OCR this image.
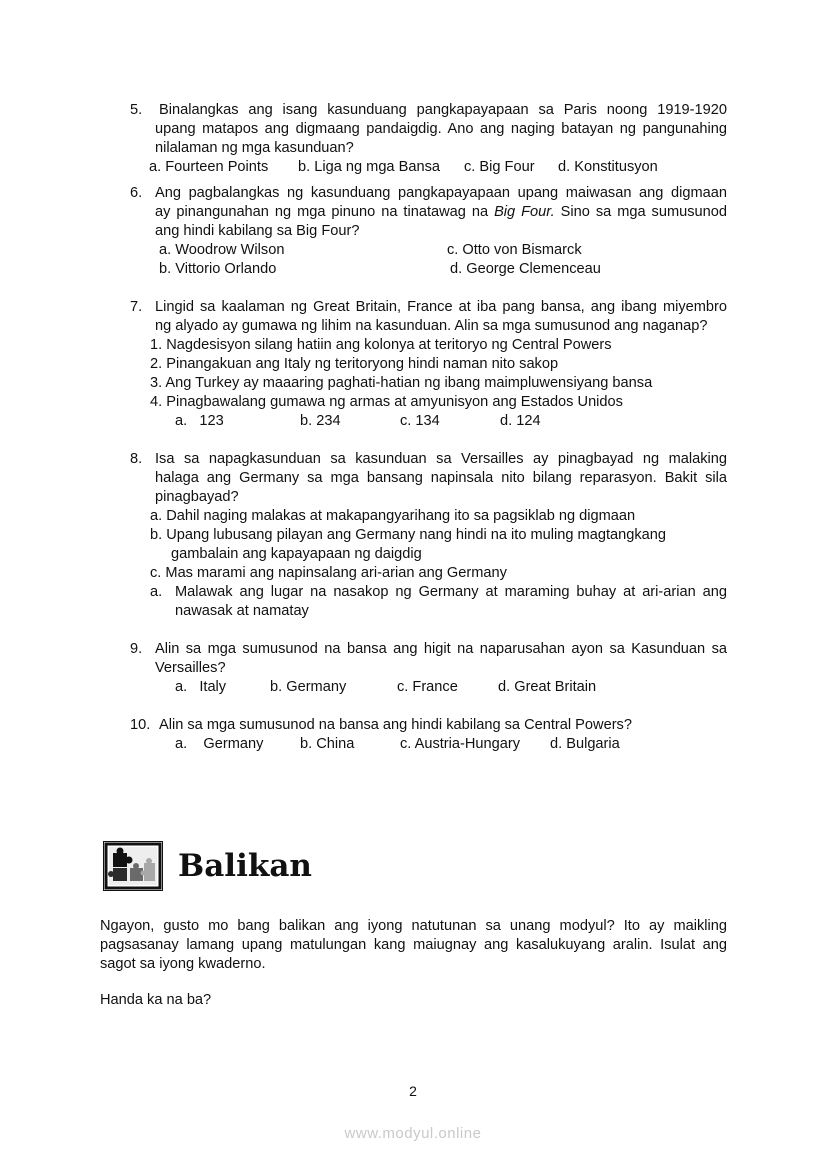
5. Binalangkas ang isang kasunduang pangkapayapaan sa Paris noong 1919-1920
upang matapos ang digmaang pandaigdig. Ano ang naging batayan ng pangunahing
nilalaman ng mga kasunduan?
a. Fourteen Points b. Liga ng mga Bansa c. Big Four d. Konstitusyon
6. Ang pagbalangkas ng kasunduang pangkapayapaan upang maiwasan ang digmaan
ay pinangunahan ng mga pinuno na tinatawag na Big Four. Sino sa mga sumusunod
ang hindi kabilang sa Big Four?
a. Woodrow Wilson	c. Otto von Bismarck
b. Vittorio Orlando	d. George Clemenceau
7. Lingid sa kaalaman ng Great Britain, France at iba pang bansa, ang ibang miyembro
ng alyado ay gumawa ng lihim na kasunduan. Alin sa mga sumusunod ang naganap?
1. Nagdesisyon silang hatiin ang kolonya at teritoryo ng Central Powers
2. Pinangakuan ang Italy ng teritoryong hindi naman nito sakop
3. Ang Turkey ay maaaring paghati-hatian ng ibang maimpluwensiyang bansa
4. Pinagbawalang gumawa ng armas at amyunisyon ang Estados Unidos
a.   123	b. 234	c. 134	d. 124
8. Isa sa napagkasunduan sa kasunduan sa Versailles ay pinagbayad ng malaking
halaga ang Germany sa mga bansang napinsala nito bilang reparasyon. Bakit sila
pinagbayad?
a. Dahil naging malakas at makapangyarihang ito sa pagsiklab ng digmaan
b. Upang lubusang pilayan ang Germany nang hindi na ito muling magtangkang
gambalain ang kapayapaan ng daigdig
c. Mas marami ang napinsalang ari-arian ang Germany
a. Malawak ang lugar na nasakop ng Germany at maraming buhay at ari-arian ang
nawasak at namatay
9. Alin sa mga sumusunod na bansa ang higit na naparusahan ayon sa Kasunduan sa
Versailles?
a.   Italy	b. Germany	c. France	d. Great Britain
10. Alin sa mga sumusunod na bansa ang hindi kabilang sa Central Powers?
a.    Germany	b. China	c. Austria-Hungary d. Bulgaria
Balikan
Ngayon, gusto mo bang balikan ang iyong natutunan sa unang modyul? Ito ay maikling
pagsasanay lamang upang matulungan kang maiugnay ang kasalukuyang aralin. Isulat ang
sagot sa iyong kwaderno.
Handa ka na ba?
2
www.modyul.online
